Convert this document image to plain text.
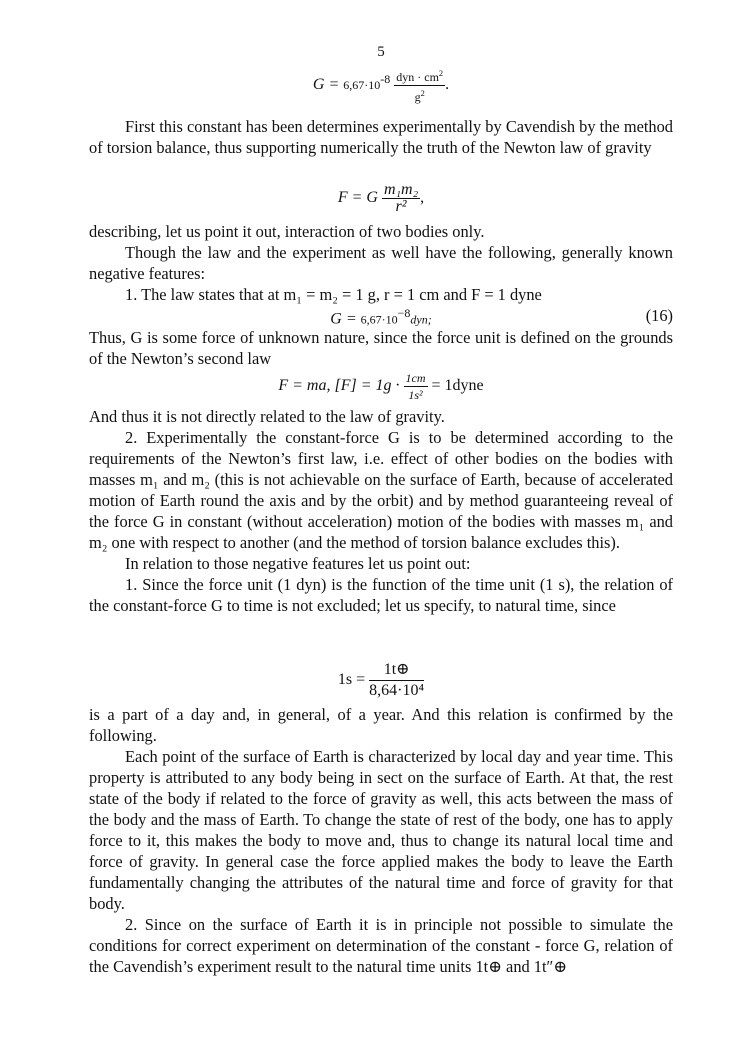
5
$G = 6,67\cdot 10^{-8} \frac{dyn \cdot cm^2}{g^2}$ .

First this constant has been determines experimentally by Cavendish by the method of torsion balance, thus supporting numerically the truth of the Newton law of gravity

F = G $\frac{\text{m₁m₂}}{\text{r²}}$ ,

describing, let us point it out, interaction of two bodies only.

Though the law and the experiment as well have the following, generally known negative features:

1. The law states that at m₁ = m₂ = 1 g, r = 1 cm and F = 1 dyne

$G = 6,67\cdot 10^{-8}dyn$;	(16)

Thus, G is some force of unknown nature, since the force unit is defined on the grounds of the Newton’s second law

F = ma, $[F] = 1g \cdot \frac{1cm}{\text{1s²}}$ = 1dyne

And thus it is not directly related to the law of gravity.

2. Experimentally the constant-force G is to be determined according to the requirements of the Newton’s first law, i.e. effect of other bodies on the bodies with masses m₁ and m₂ (this is not achievable on the surface of Earth, because of accelerated motion of Earth round the axis and by the orbit) and by method guaranteeing reveal of the force G in constant (without acceleration) motion of the bodies with masses m₁ and m₂ one with respect to another (and the method of torsion balance excludes this).

In relation to those negative features let us point out:

1. Since the force unit (1 dyn) is the function of the time unit (1 s), the relation of the constant-force G to time is not excluded; let us specify, to natural time, since

$1s = \frac{1t\oplus}{\text{8,64·10⁴}}$

is a part of a day and, in general, of a year. And this relation is confirmed by the following.

Each point of the surface of Earth is characterized by local day and year time. This property is attributed to any body being in sect on the surface of Earth. At that, the rest state of the body if related to the force of gravity as well, this acts between the mass of the body and the mass of Earth. To change the state of rest of the body, one has to apply force to it, this makes the body to move and, thus to change its natural local time and force of gravity. In general case the force applied makes the body to leave the Earth fundamentally changing the attributes of the natural time and force of gravity for that body.

2. Since on the surface of Earth it is in principle not possible to simulate the conditions for correct experiment on determination of the constant - force G, relation of the Cavendish’s experiment result to the natural time units 1t⊕ and 1t″⊕
